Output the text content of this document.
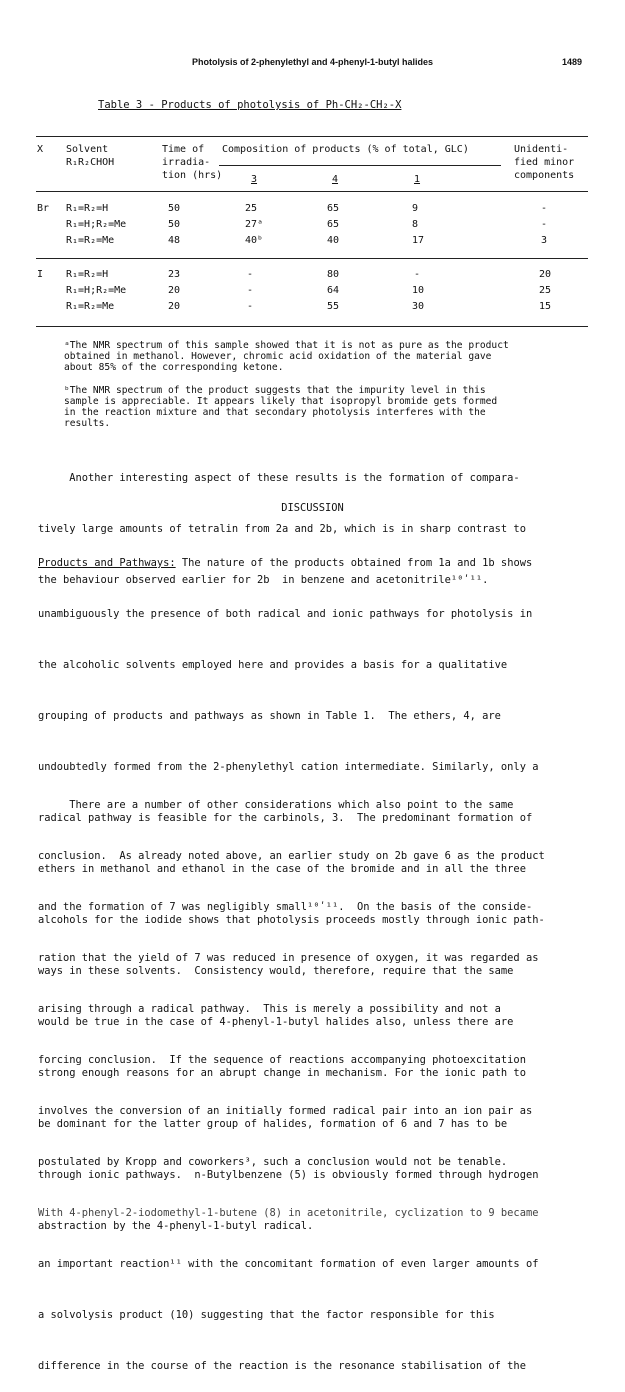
Photolysis of 2-phenylethyl and 4-phenyl-1-butyl halides	1489
Table 3 - Products of photolysis of Ph-CH₂-CH₂-X
X Solvent
R₁R₂CHOH
Time of
irradia-
tion (hrs)
Composition of products (% of total, GLC)
3	4	1
Unidenti-
fied minor
components
Br R₁=R₂=H	50	25	65	9	-
R₁=H;R₂=Me	50	27ᵃ	65	8	-
R₁=R₂=Me	48	40ᵇ	40	17	3
I R₁=R₂=H	23	-	80	-	20
R₁=H;R₂=Me	20	-	64	10	25
R₁=R₂=Me	20	-	55	30	15
ᵃThe NMR spectrum of this sample showed that it is not as pure as the product
obtained in methanol. However, chromic acid oxidation of the material gave
about 85% of the corresponding ketone.
ᵇThe NMR spectrum of the product suggests that the impurity level in this
sample is appreciable. It appears likely that isopropyl bromide gets formed
in the reaction mixture and that secondary photolysis interferes with the
results.

Another interesting aspect of these results is the formation of compara-

tively large amounts of tetralin from 2a and 2b, which is in sharp contrast to

the behaviour observed earlier for 2b  in benzene and acetonitrile¹⁰ʹ¹¹.

DISCUSSION

Products and Pathways: The nature of the products obtained from 1a and 1b shows

unambiguously the presence of both radical and ionic pathways for photolysis in

the alcoholic solvents employed here and provides a basis for a qualitative

grouping of products and pathways as shown in Table 1.  The ethers, 4, are

undoubtedly formed from the 2-phenylethyl cation intermediate. Similarly, only a

radical pathway is feasible for the carbinols, 3.  The predominant formation of

ethers in methanol and ethanol in the case of the bromide and in all the three

alcohols for the iodide shows that photolysis proceeds mostly through ionic path-

ways in these solvents.  Consistency would, therefore, require that the same

would be true in the case of 4-phenyl-1-butyl halides also, unless there are

strong enough reasons for an abrupt change in mechanism. For the ionic path to

be dominant for the latter group of halides, formation of 6 and 7 has to be

through ionic pathways.  n-Butylbenzene (5) is obviously formed through hydrogen

abstraction by the 4-phenyl-1-butyl radical.

There are a number of other considerations which also point to the same

conclusion.  As already noted above, an earlier study on 2b gave 6 as the product

and the formation of 7 was negligibly small¹⁰ʹ¹¹.  On the basis of the conside-

ration that the yield of 7 was reduced in presence of oxygen, it was regarded as

arising through a radical pathway.  This is merely a possibility and not a

forcing conclusion.  If the sequence of reactions accompanying photoexcitation

involves the conversion of an initially formed radical pair into an ion pair as

postulated by Kropp and coworkers³, such a conclusion would not be tenable.

With 4-phenyl-2-iodomethyl-1-butene (8) in acetonitrile, cyclization to 9 became

an important reaction¹¹ with the concomitant formation of even larger amounts of

a solvolysis product (10) suggesting that the factor responsible for this

difference in the course of the reaction is the resonance stabilisation of the
